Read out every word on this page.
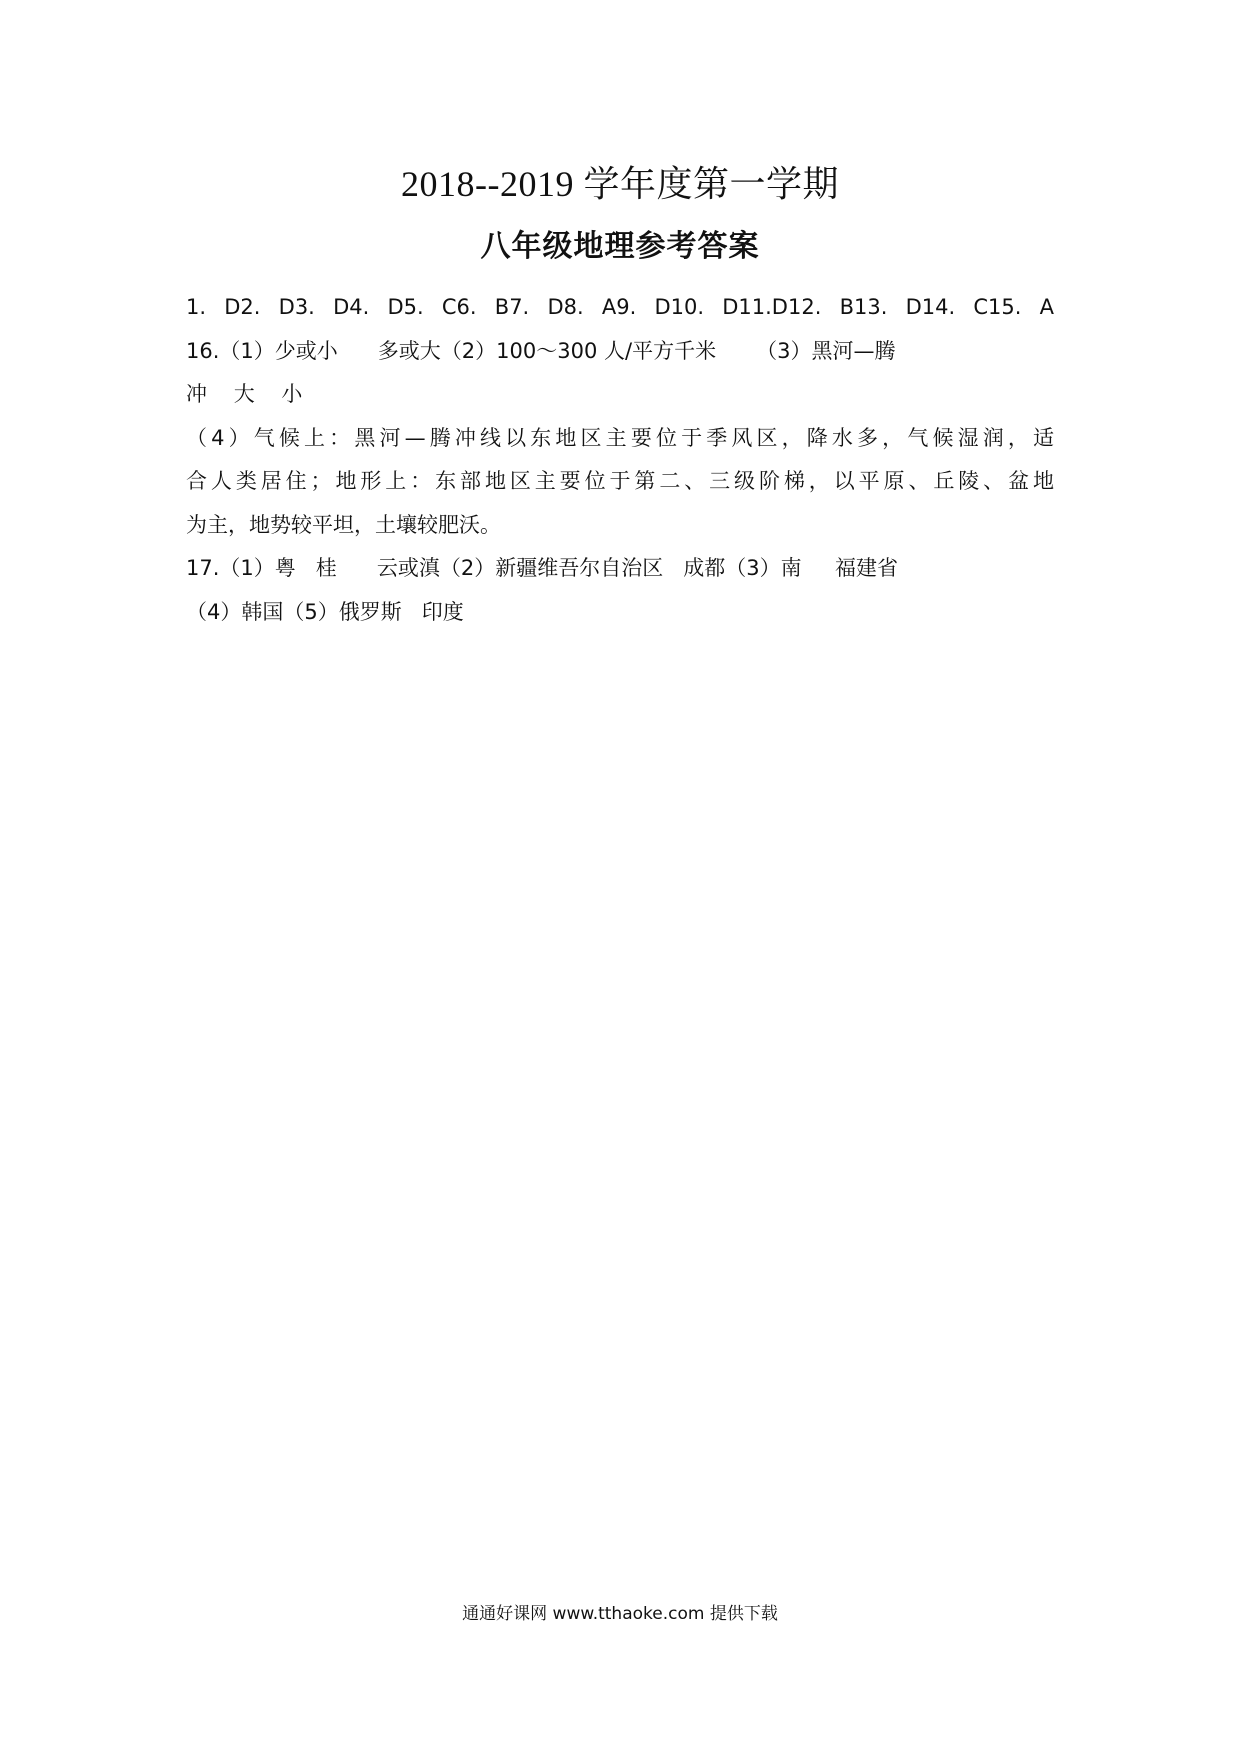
2018--2019 学年度第一学期
八年级地理参考答案

1. D2. D3. D4. D5. C6. B7. D8. A9. D10. D11.D12. B13. D14. C15. A

16.（1）少或小      多或大（2）100～300 人/平方千米      （3）黑河—腾

冲    大    小

（4）气候上：黑河—腾冲线以东地区主要位于季风区，降水多，气候湿润，适

合人类居住；地形上：东部地区主要位于第二、三级阶梯，以平原、丘陵、盆地

为主，地势较平坦，土壤较肥沃。

17.（1）粤   桂      云或滇（2）新疆维吾尔自治区   成都（3）南     福建省

（4）韩国（5）俄罗斯   印度

通通好课网 www.tthaoke.com 提供下载
